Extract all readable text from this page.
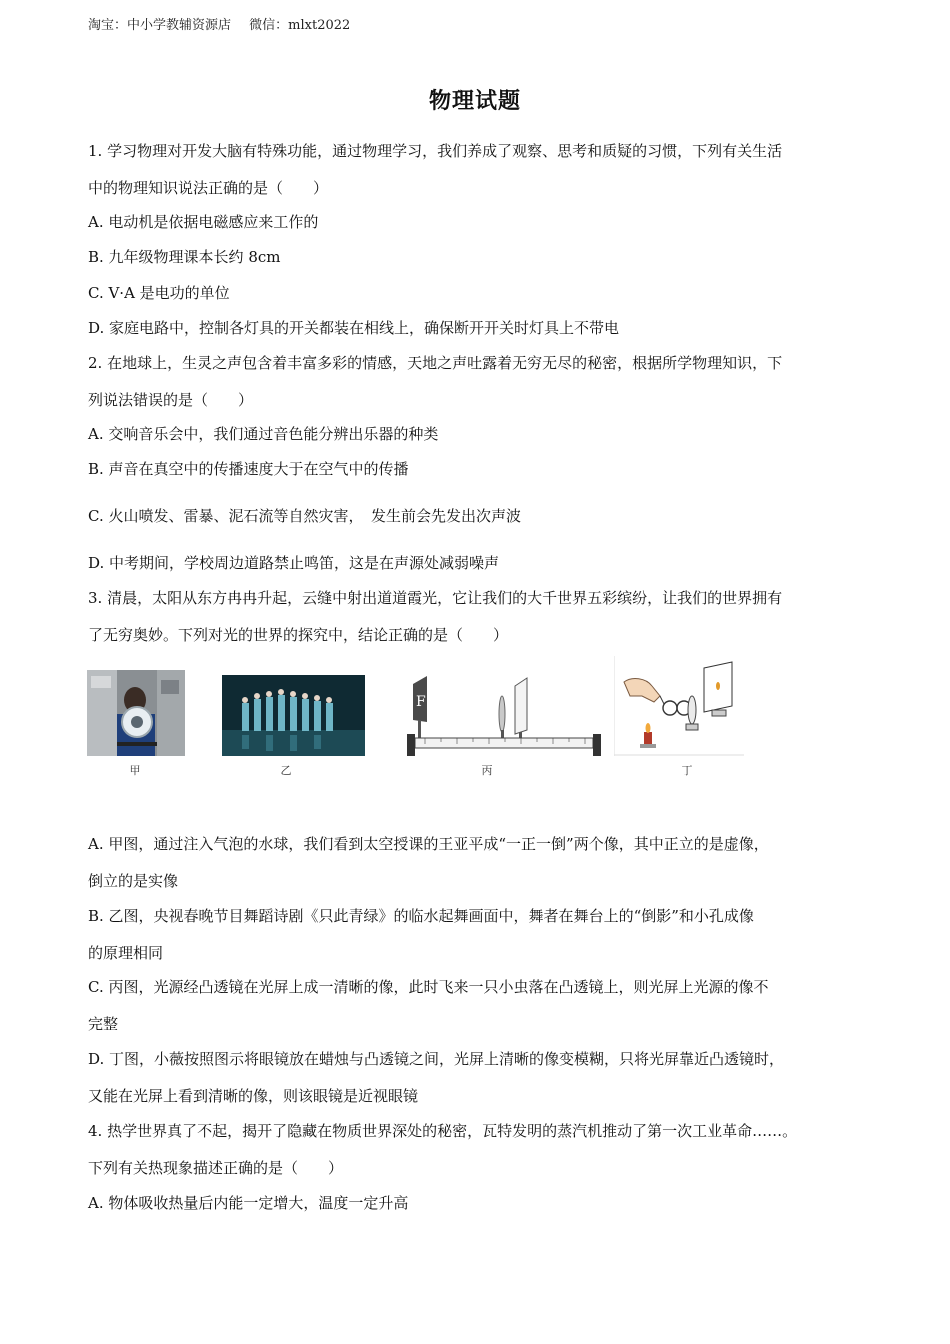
淘宝：中小学教辅资源店 微信：mlxt2022
物理试题
1. 学习物理对开发大脑有特殊功能，通过物理学习，我们养成了观察、思考和质疑的习惯，下列有关生活
中的物理知识说法正确的是（　　）
A. 电动机是依据电磁感应来工作的
B. 九年级物理课本长约 8cm
C. V·A 是电功的单位
D. 家庭电路中，控制各灯具的开关都装在相线上，确保断开开关时灯具上不带电
2. 在地球上，生灵之声包含着丰富多彩的情感，天地之声吐露着无穷无尽的秘密，根据所学物理知识，下
列说法错误的是（　　）
A. 交响音乐会中，我们通过音色能分辨出乐器的种类
B. 声音在真空中的传播速度大于在空气中的传播
C. 火山喷发、雷暴、泥石流等自然灾害，　发生前会先发出次声波
D. 中考期间，学校周边道路禁止鸣笛，这是在声源处减弱噪声
3. 清晨，太阳从东方冉冉升起，云缝中射出道道霞光，它让我们的大千世界五彩缤纷，让我们的世界拥有
了无穷奥妙。下列对光的世界的探究中，结论正确的是（　　）
甲	乙
F
丙	丁
A. 甲图，通过注入气泡的水球，我们看到太空授课的王亚平成“一正一倒”两个像，其中正立的是虚像，
倒立的是实像
B. 乙图，央视春晚节目舞蹈诗剧《只此青绿》的临水起舞画面中，舞者在舞台上的“倒影”和小孔成像
的原理相同
C. 丙图，光源经凸透镜在光屏上成一清晰的像，此时飞来一只小虫落在凸透镜上，则光屏上光源的像不
完整
D. 丁图，小薇按照图示将眼镜放在蜡烛与凸透镜之间，光屏上清晰的像变模糊，只将光屏靠近凸透镜时，
又能在光屏上看到清晰的像，则该眼镜是近视眼镜
4. 热学世界真了不起，揭开了隐藏在物质世界深处的秘密，瓦特发明的蒸汽机推动了第一次工业革命……。
下列有关热现象描述正确的是（　　）
A. 物体吸收热量后内能一定增大，温度一定升高
